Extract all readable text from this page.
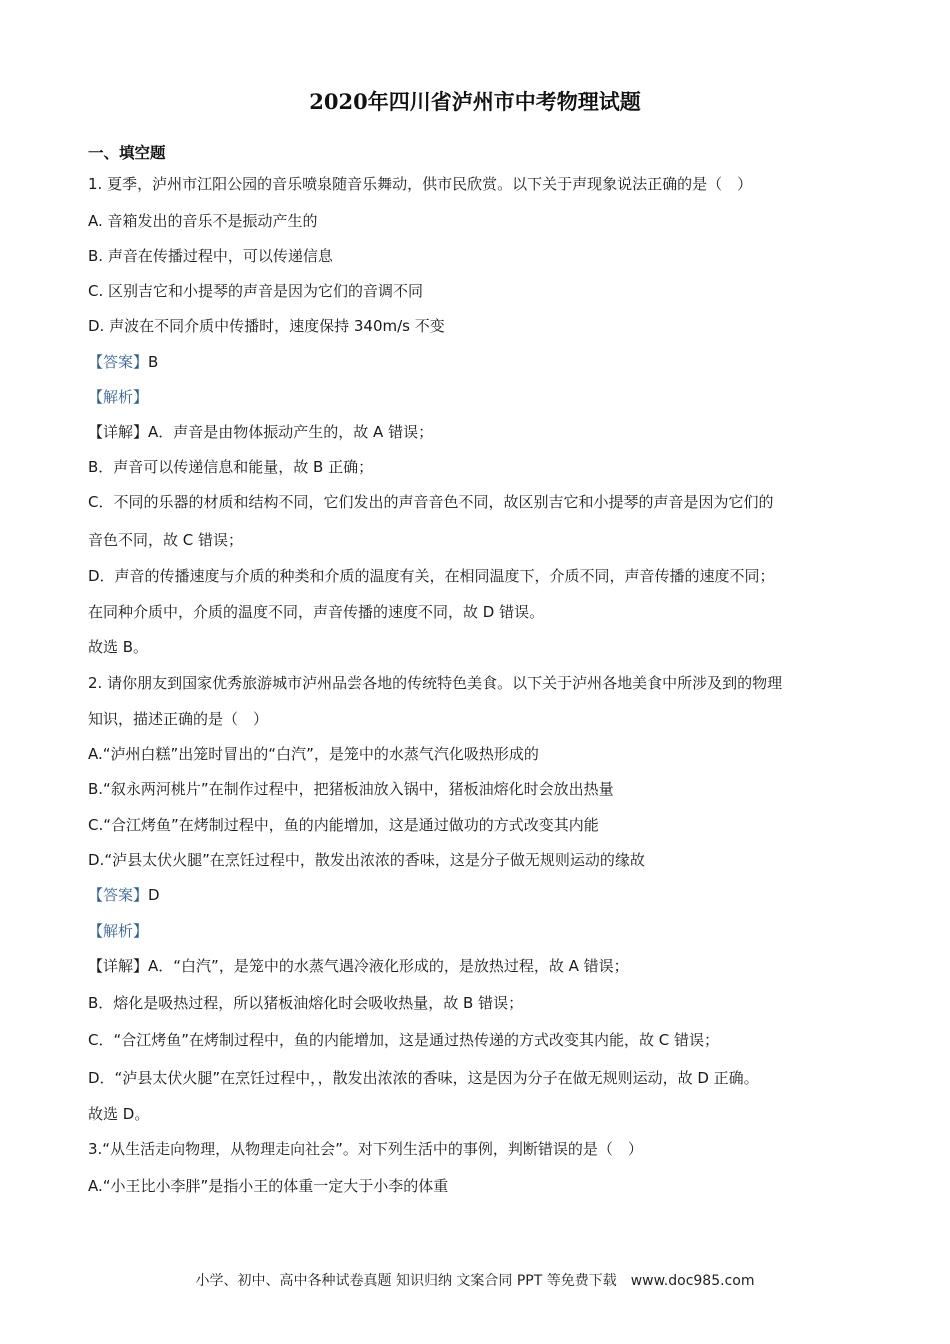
2020年四川省泸州市中考物理试题
一、填空题
1. 夏季，泸州市江阳公园的音乐喷泉随音乐舞动，供市民欣赏。以下关于声现象说法正确的是（　）
A. 音箱发出的音乐不是振动产生的
B. 声音在传播过程中，可以传递信息
C. 区别吉它和小提琴的声音是因为它们的音调不同
D. 声波在不同介质中传播时，速度保持 340m/s 不变
【答案】B
【解析】
【详解】A．声音是由物体振动产生的，故 A 错误；
B．声音可以传递信息和能量，故 B 正确；
C．不同的乐器的材质和结构不同，它们发出的声音音色不同，故区别吉它和小提琴的声音是因为它们的
音色不同，故 C 错误；
D．声音的传播速度与介质的种类和介质的温度有关，在相同温度下，介质不同，声音传播的速度不同；
在同种介质中，介质的温度不同，声音传播的速度不同，故 D 错误。
故选 B。
2. 请你朋友到国家优秀旅游城市泸州品尝各地的传统特色美食。以下关于泸州各地美食中所涉及到的物理
知识，描述正确的是（　）
A.“泸州白糕”出笼时冒出的“白汽”，是笼中的水蒸气汽化吸热形成的
B.“叙永两河桃片”在制作过程中，把猪板油放入锅中，猪板油熔化时会放出热量
C.“合江烤鱼”在烤制过程中，鱼的内能增加，这是通过做功的方式改变其内能
D.“泸县太伏火腿”在烹饪过程中，散发出浓浓的香味，这是分子做无规则运动的缘故
【答案】D
【解析】
【详解】A．“白汽”，是笼中的水蒸气遇冷液化形成的，是放热过程，故 A 错误；
B．熔化是吸热过程，所以猪板油熔化时会吸收热量，故 B 错误；
C．“合江烤鱼”在烤制过程中，鱼的内能增加，这是通过热传递的方式改变其内能，故 C 错误；
D．“泸县太伏火腿”在烹饪过程中，，散发出浓浓的香味，这是因为分子在做无规则运动，故 D 正确。
故选 D。
3.“从生活走向物理，从物理走向社会”。对下列生活中的事例，判断错误的是（　）
A.“小王比小李胖”是指小王的体重一定大于小李的体重
小学、初中、高中各种试卷真题 知识归纳 文案合同 PPT 等免费下载　www.doc985.com
